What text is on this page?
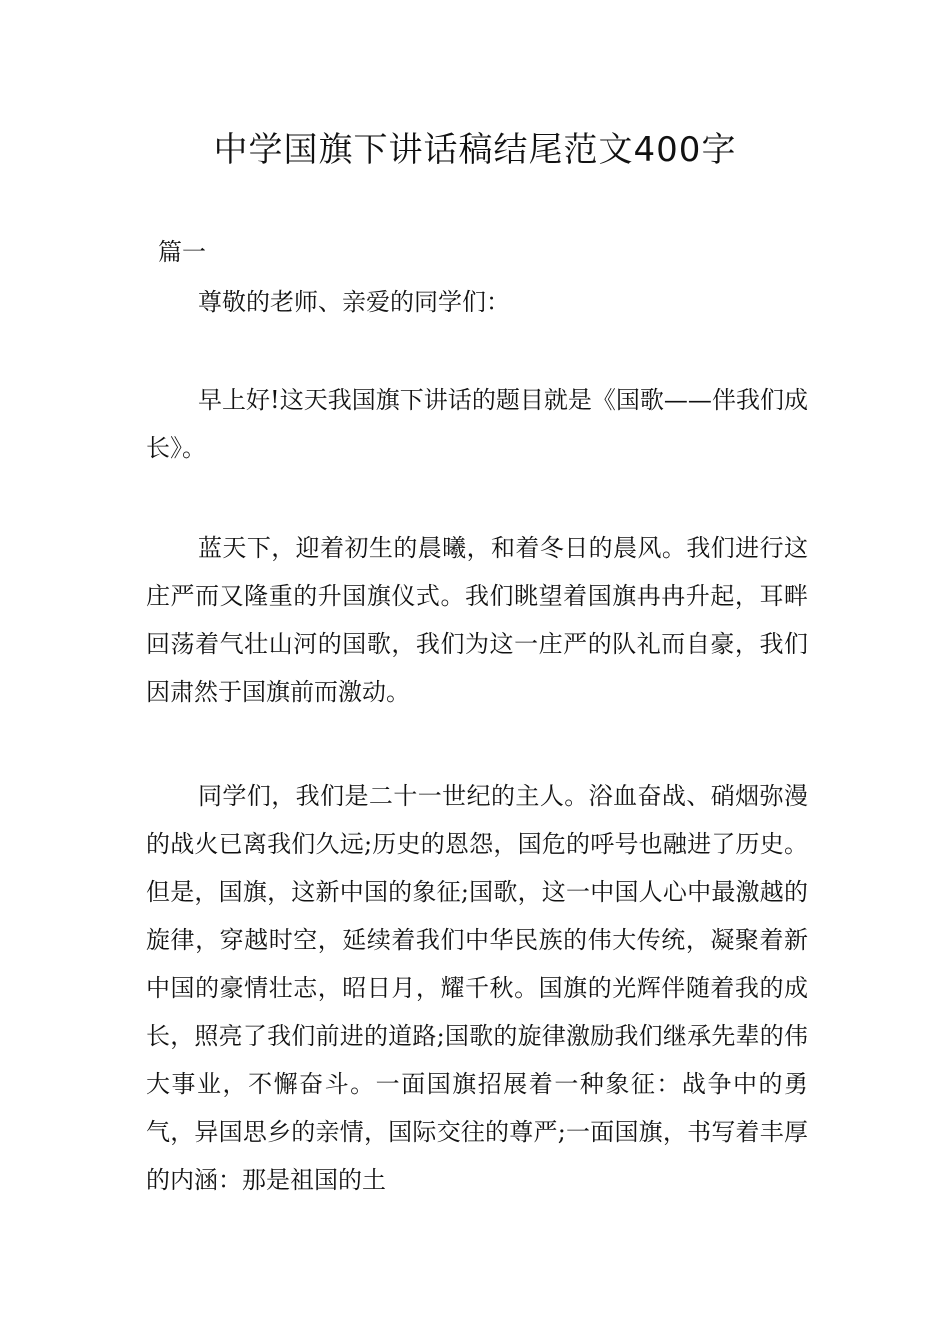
中学国旗下讲话稿结尾范文400字

篇一

尊敬的老师、亲爱的同学们：

早上好!这天我国旗下讲话的题目就是《国歌——伴我们成长》。

蓝天下，迎着初生的晨曦，和着冬日的晨风。我们进行这庄严而又隆重的升国旗仪式。我们眺望着国旗冉冉升起，耳畔回荡着气壮山河的国歌，我们为这一庄严的队礼而自豪，我们因肃然于国旗前而激动。

同学们，我们是二十一世纪的主人。浴血奋战、硝烟弥漫的战火已离我们久远;历史的恩怨，国危的呼号也融进了历史。但是，国旗，这新中国的象征;国歌，这一中国人心中最激越的旋律，穿越时空，延续着我们中华民族的伟大传统，凝聚着新中国的豪情壮志，昭日月，耀千秋。国旗的光辉伴随着我的成长，照亮了我们前进的道路;国歌的旋律激励我们继承先辈的伟大事业，不懈奋斗。一面国旗招展着一种象征：战争中的勇气，异国思乡的亲情，国际交往的尊严;一面国旗，书写着丰厚的内涵：那是祖国的土
